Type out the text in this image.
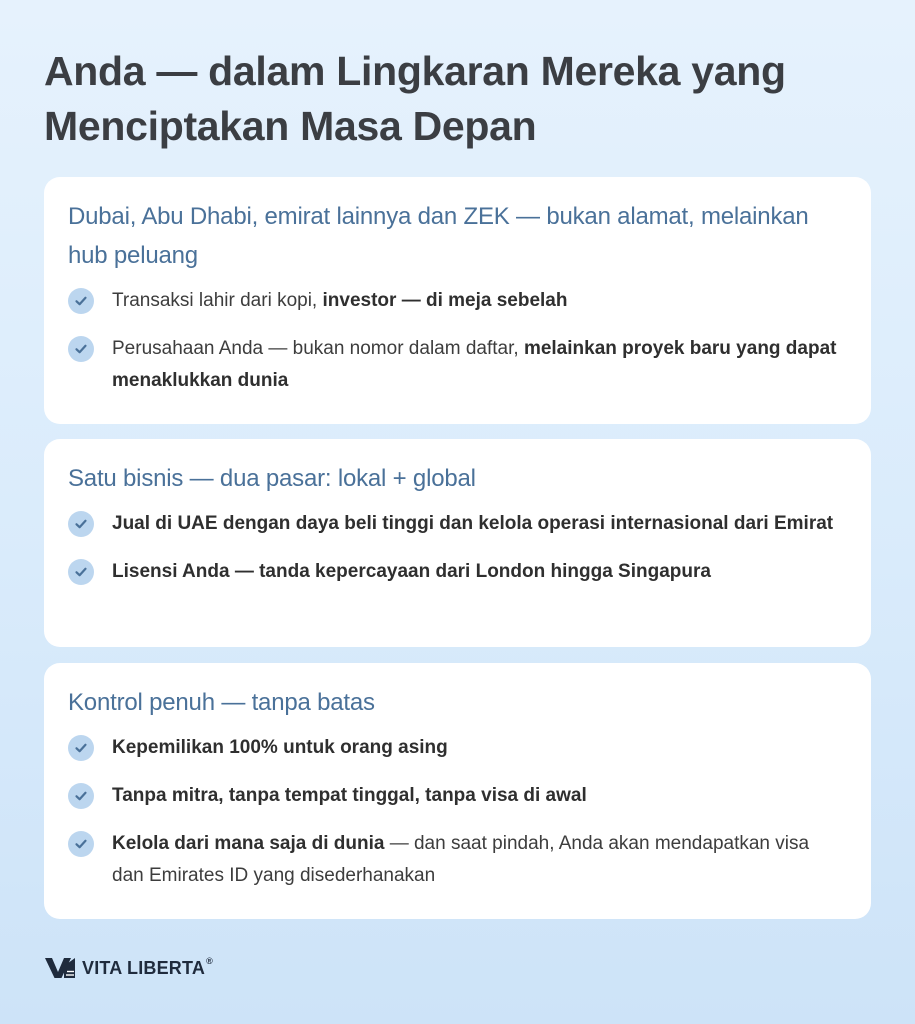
Anda — dalam Lingkaran Mereka yang Menciptakan Masa Depan
Dubai, Abu Dhabi, emirat lainnya dan ZEK — bukan alamat, melainkan hub peluang
Transaksi lahir dari kopi, investor — di meja sebelah
Perusahaan Anda — bukan nomor dalam daftar, melainkan proyek baru yang dapat menaklukkan dunia
Satu bisnis — dua pasar: lokal + global
Jual di UAE dengan daya beli tinggi dan kelola operasi internasional dari Emirat
Lisensi Anda — tanda kepercayaan dari London hingga Singapura
Kontrol penuh — tanpa batas
Kepemilikan 100% untuk orang asing
Tanpa mitra, tanpa tempat tinggal, tanpa visa di awal
Kelola dari mana saja di dunia — dan saat pindah, Anda akan mendapatkan visa dan Emirates ID yang disederhanakan
VITA LIBERTA ®
